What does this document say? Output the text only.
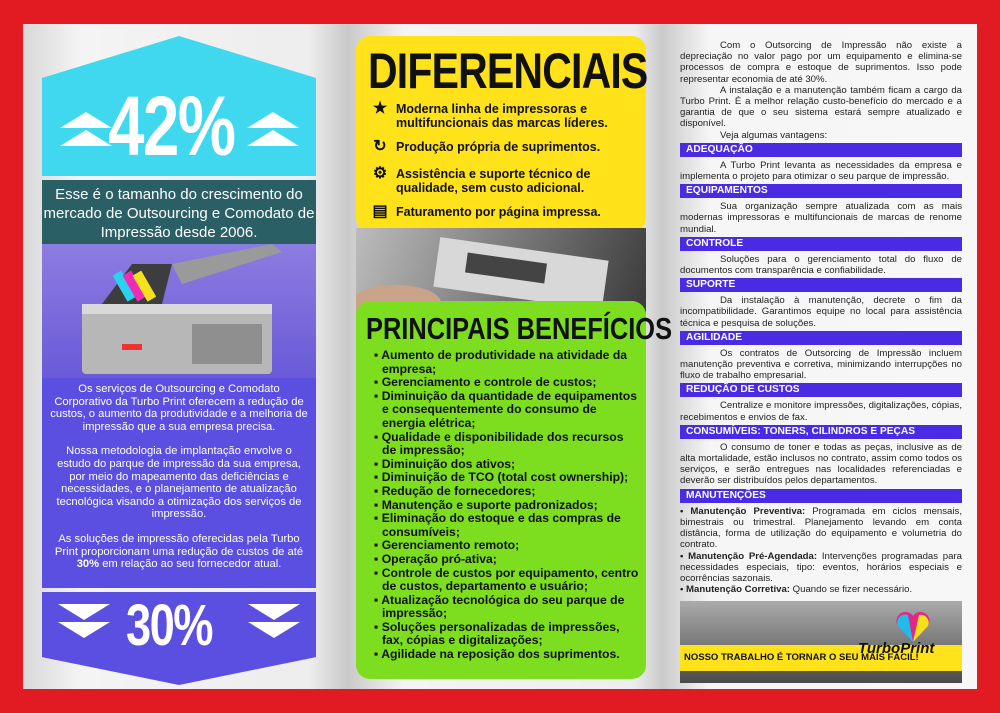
42%
Esse é o tamanho do crescimento do mercado de Outsourcing e Comodato de Impressão desde 2006.

Os serviços de Outsourcing e Comodato Corporativo da Turbo Print oferecem a redução de custos, o aumento da produtividade e a melhoria de impressão que a sua empresa precisa.

Nossa metodologia de implantação envolve o estudo do parque de impressão da sua empresa, por meio do mapeamento das deficiências e necessidades, e o planejamento de atualização tecnológica visando a otimização dos serviços de impressão.

As soluções de impressão oferecidas pela Turbo Print proporcionam uma redução de custos de até 30% em relação ao seu fornecedor atual.

30%
DIFERENCIAIS
★ Moderna linha de impressoras e multifuncionais das marcas líderes.
↻ Produção própria de suprimentos.
⚙ Assistência e suporte técnico de qualidade, sem custo adicional.
▤ Faturamento por página impressa.
PRINCIPAIS BENEFÍCIOS
▪ Aumento de produtividade na atividade da empresa;
▪ Gerenciamento e controle de custos;
▪ Diminuição da quantidade de equipamentos e consequentemente do consumo de energia elétrica;
▪ Qualidade e disponibilidade dos recursos de impressão;
▪ Diminuição dos ativos;
▪ Diminuição de TCO (total cost ownership);
▪ Redução de fornecedores;
▪ Manutenção e suporte padronizados;
▪ Eliminação do estoque e das compras de consumíveis;
▪ Gerenciamento remoto;
▪ Operação pró-ativa;
▪ Controle de custos por equipamento, centro de custos, departamento e usuário;
▪ Atualização tecnológica do seu parque de impressão;
▪ Soluções personalizadas de impressões, fax, cópias e digitalizações;
▪ Agilidade na reposição dos suprimentos.

Com o Outsorcing de Impressão não existe a depreciação no valor pago por um equipamento e elimina-se processos de compra e estoque de suprimentos. Isso pode representar economia de até 30%.

A instalação e a manutenção também ficam a cargo da Turbo Print. É a melhor relação custo-benefício do mercado e a garantia de que o seu sistema estará sempre atualizado e disponível.

Veja algumas vantagens:

ADEQUAÇÃO

A Turbo Print levanta as necessidades da empresa e implementa o projeto para otimizar o seu parque de impressão.

EQUIPAMENTOS

Sua organização sempre atualizada com as mais modernas impressoras e multifuncionais de marcas de renome mundial.

CONTROLE

Soluções para o gerenciamento total do fluxo de documentos com transparência e confiabilidade.

SUPORTE

Da instalação à manutenção, decrete o fim da incompatibilidade. Garantimos equipe no local para assistência técnica e pesquisa de soluções.

AGILIDADE

Os contratos de Outsorcing de Impressão incluem manutenção preventiva e corretiva, minimizando interrupções no fluxo de trabalho empresarial.

REDUÇÃO DE CUSTOS

Centralize e monitore impressões, digitalizações, cópias, recebimentos e envios de fax.

CONSUMÍVEIS: TONERS, CILINDROS E PEÇAS

O consumo de toner e todas as peças, inclusive as de alta mortalidade, estão inclusos no contrato, assim como todos os serviços, e serão entregues nas localidades referenciadas e deverão ser distribuídos pelos departamentos.

MANUTENÇÕES

• Manutenção Preventiva: Programada em ciclos mensais, bimestrais ou trimestral. Planejamento levando em conta distância, forma de utilização do equipamento e volumetria do contrato.

• Manutenção Pré-Agendada: Intervenções programadas para necessidades especiais, tipo: eventos, horários especiais e ocorrências sazonais.

• Manutenção Corretiva: Quando se fizer necessário.

NOSSO TRABALHO É TORNAR O SEU MAIS FÁCIL!
TurboPrint
